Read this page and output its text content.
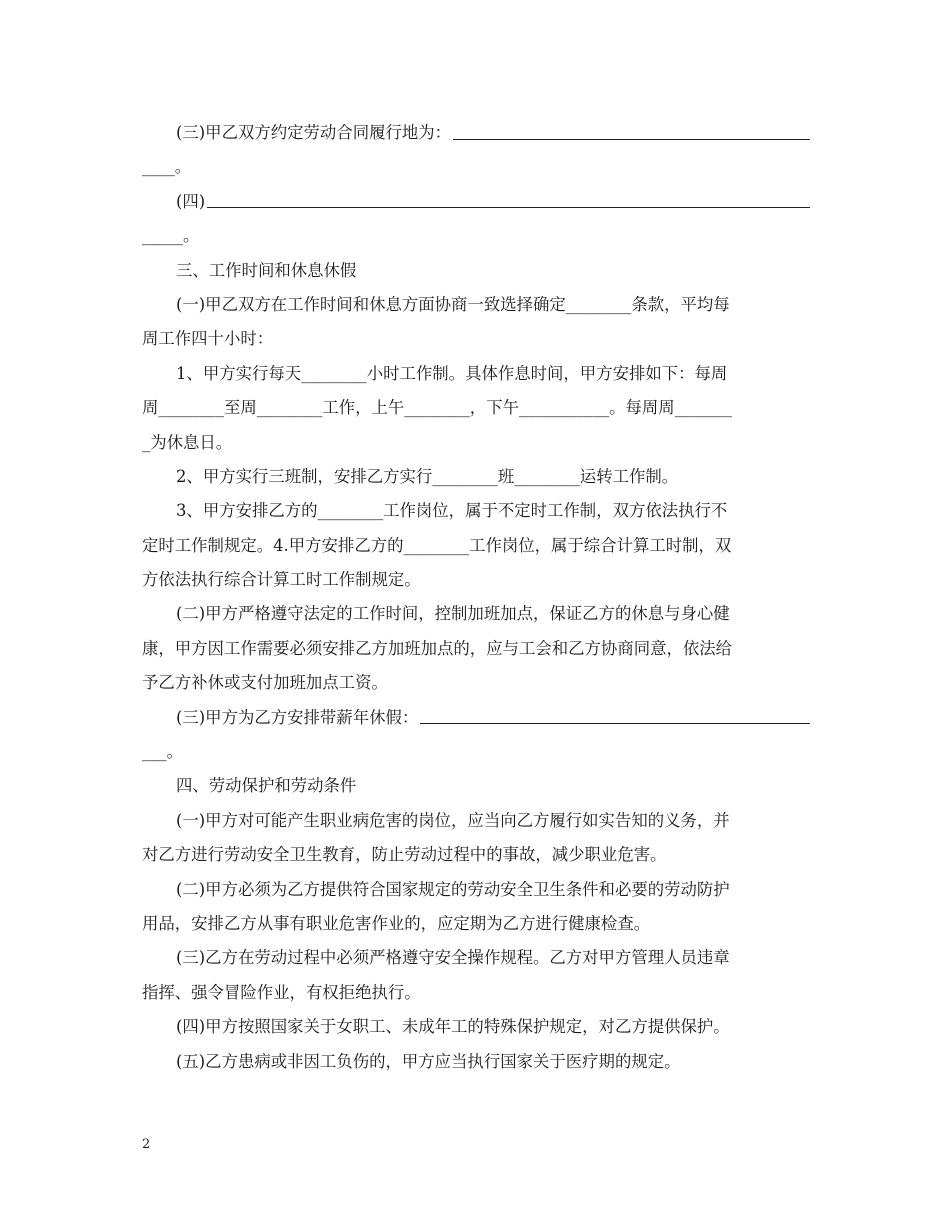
(三)甲乙双方约定劳动合同履行地为：
____。
(四)
_____。
三、工作时间和休息休假
(一)甲乙双方在工作时间和休息方面协商一致选择确定________条款，平均每
周工作四十小时：
1、甲方实行每天________小时工作制。具体作息时间，甲方安排如下：每周
周________至周________工作，上午________，下午___________。每周周_______
_为休息日。
2、甲方实行三班制，安排乙方实行________班________运转工作制。
3、甲方安排乙方的________工作岗位，属于不定时工作制，双方依法执行不
定时工作制规定。4.甲方安排乙方的________工作岗位，属于综合计算工时制，双
方依法执行综合计算工时工作制规定。
(二)甲方严格遵守法定的工作时间，控制加班加点，保证乙方的休息与身心健
康，甲方因工作需要必须安排乙方加班加点的，应与工会和乙方协商同意，依法给
予乙方补休或支付加班加点工资。
(三)甲方为乙方安排带薪年休假：
___。
四、劳动保护和劳动条件
(一)甲方对可能产生职业病危害的岗位，应当向乙方履行如实告知的义务，并
对乙方进行劳动安全卫生教育，防止劳动过程中的事故，减少职业危害。
(二)甲方必须为乙方提供符合国家规定的劳动安全卫生条件和必要的劳动防护
用品，安排乙方从事有职业危害作业的，应定期为乙方进行健康检查。
(三)乙方在劳动过程中必须严格遵守安全操作规程。乙方对甲方管理人员违章
指挥、强令冒险作业，有权拒绝执行。
(四)甲方按照国家关于女职工、未成年工的特殊保护规定，对乙方提供保护。
(五)乙方患病或非因工负伤的，甲方应当执行国家关于医疗期的规定。
2
